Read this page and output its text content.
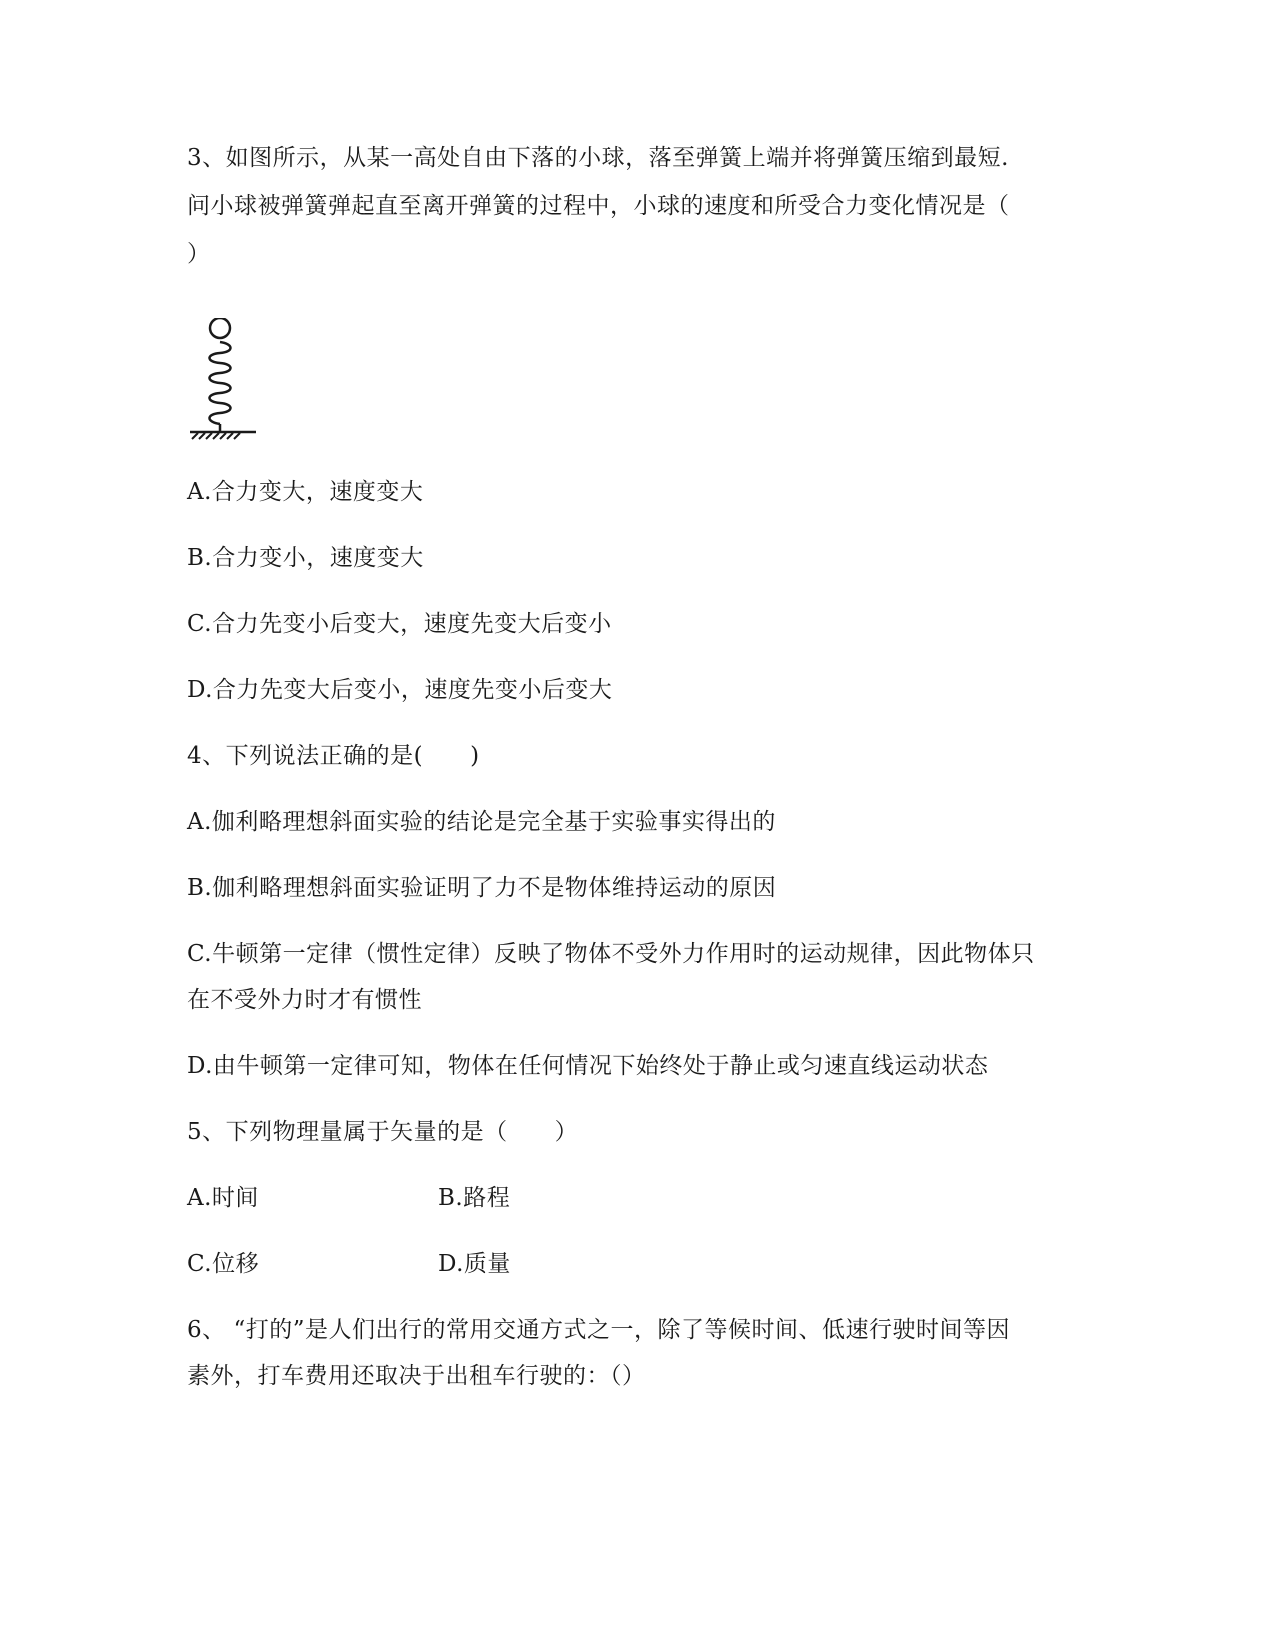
3、如图所示，从某一高处自由下落的小球，落至弹簧上端并将弹簧压缩到最短.
问小球被弹簧弹起直至离开弹簧的过程中，小球的速度和所受合力变化情况是（
）
A.合力变大，速度变大
B.合力变小，速度变大
C.合力先变小后变大，速度先变大后变小
D.合力先变大后变小，速度先变小后变大
4、下列说法正确的是(　　)
A.伽利略理想斜面实验的结论是完全基于实验事实得出的
B.伽利略理想斜面实验证明了力不是物体维持运动的原因
C.牛顿第一定律（惯性定律）反映了物体不受外力作用时的运动规律，因此物体只
在不受外力时才有惯性
D.由牛顿第一定律可知，物体在任何情况下始终处于静止或匀速直线运动状态
5、下列物理量属于矢量的是（　　）
A.时间	B.路程
C.位移	D.质量
6、 “打的”是人们出行的常用交通方式之一，除了等候时间、低速行驶时间等因
素外，打车费用还取决于出租车行驶的：（）
